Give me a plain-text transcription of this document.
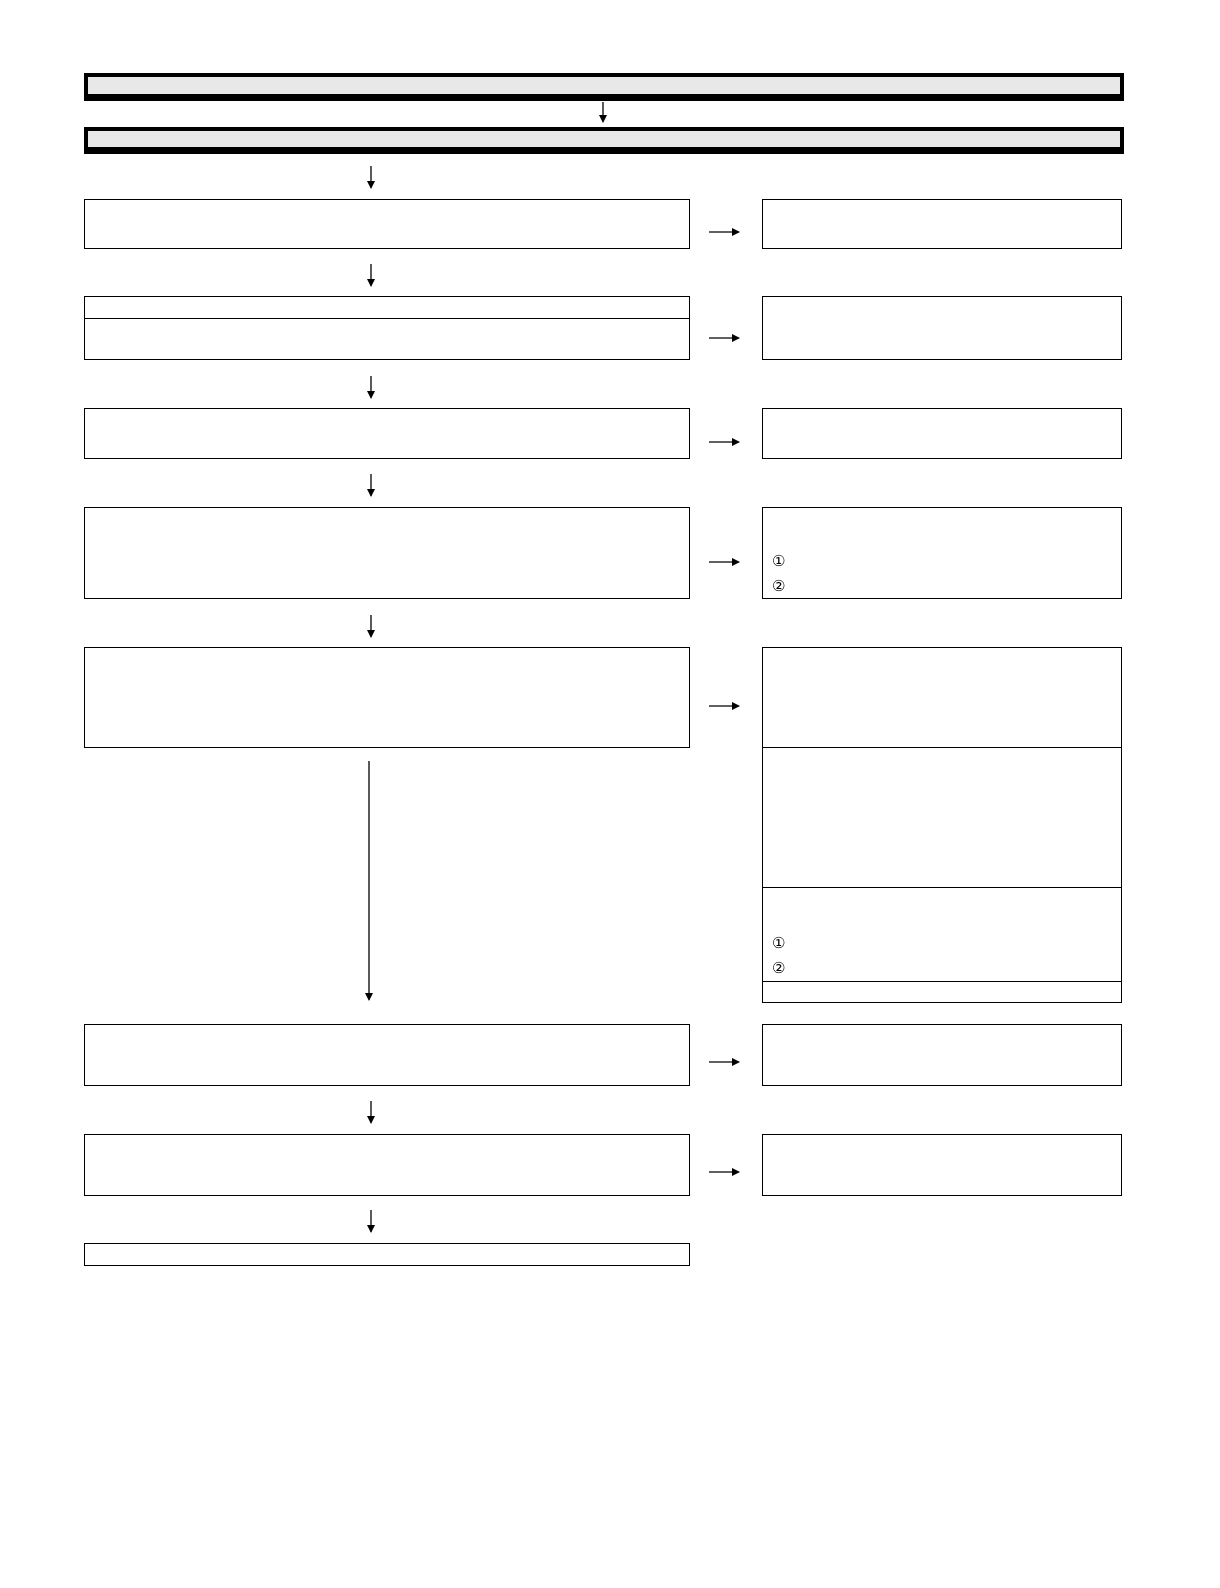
①
②
①
②
